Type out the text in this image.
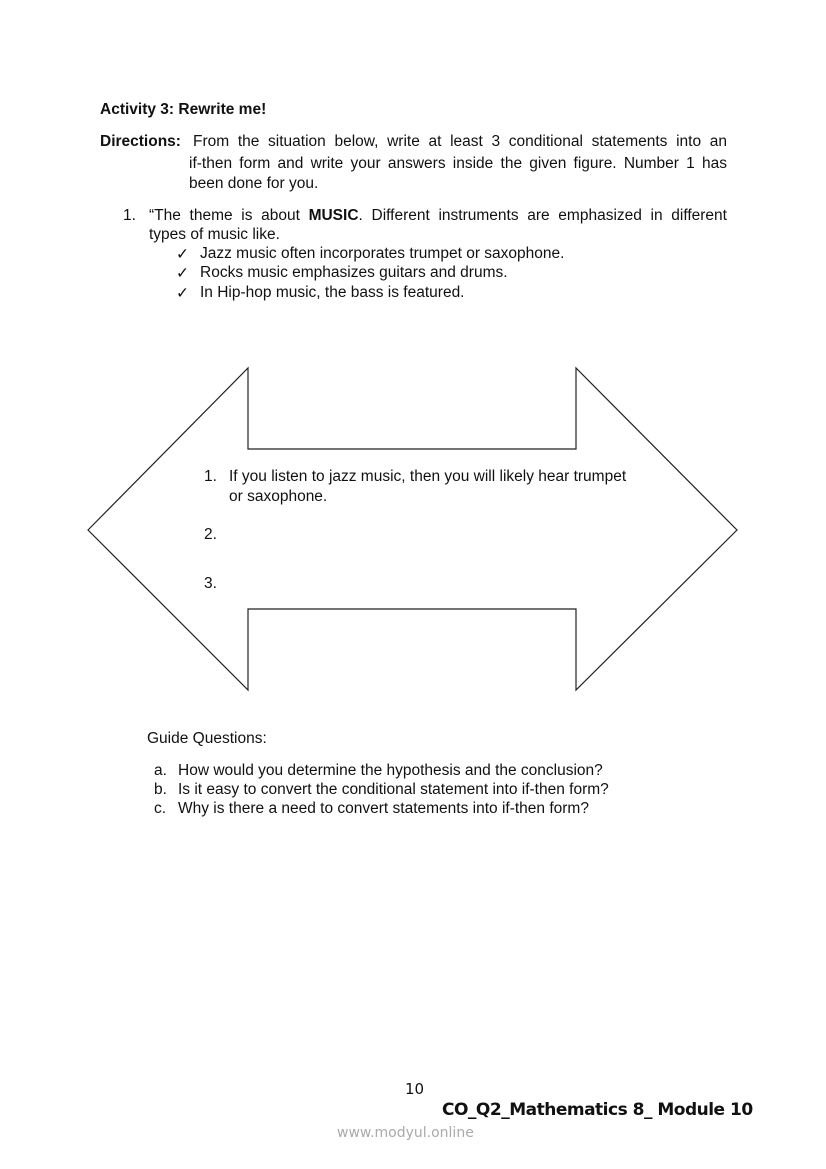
Activity 3: Rewrite me!
Directions: From the situation below, write at least 3 conditional statements into an
if-then form and write your answers inside the given figure. Number 1 has
been done for you.
1. “The theme is about MUSIC. Different instruments are emphasized in different
types of music like.
✓ Jazz music often incorporates trumpet or saxophone.
✓ Rocks music emphasizes guitars and drums.
✓ In Hip-hop music, the bass is featured.
1. If you listen to jazz music, then you will likely hear trumpet
or saxophone.
2.
3.
Guide Questions:
a. How would you determine the hypothesis and the conclusion?
b. Is it easy to convert the conditional statement into if-then form?
c. Why is there a need to convert statements into if-then form?
10
CO_Q2_Mathematics 8_ Module 10
www.modyul.online
